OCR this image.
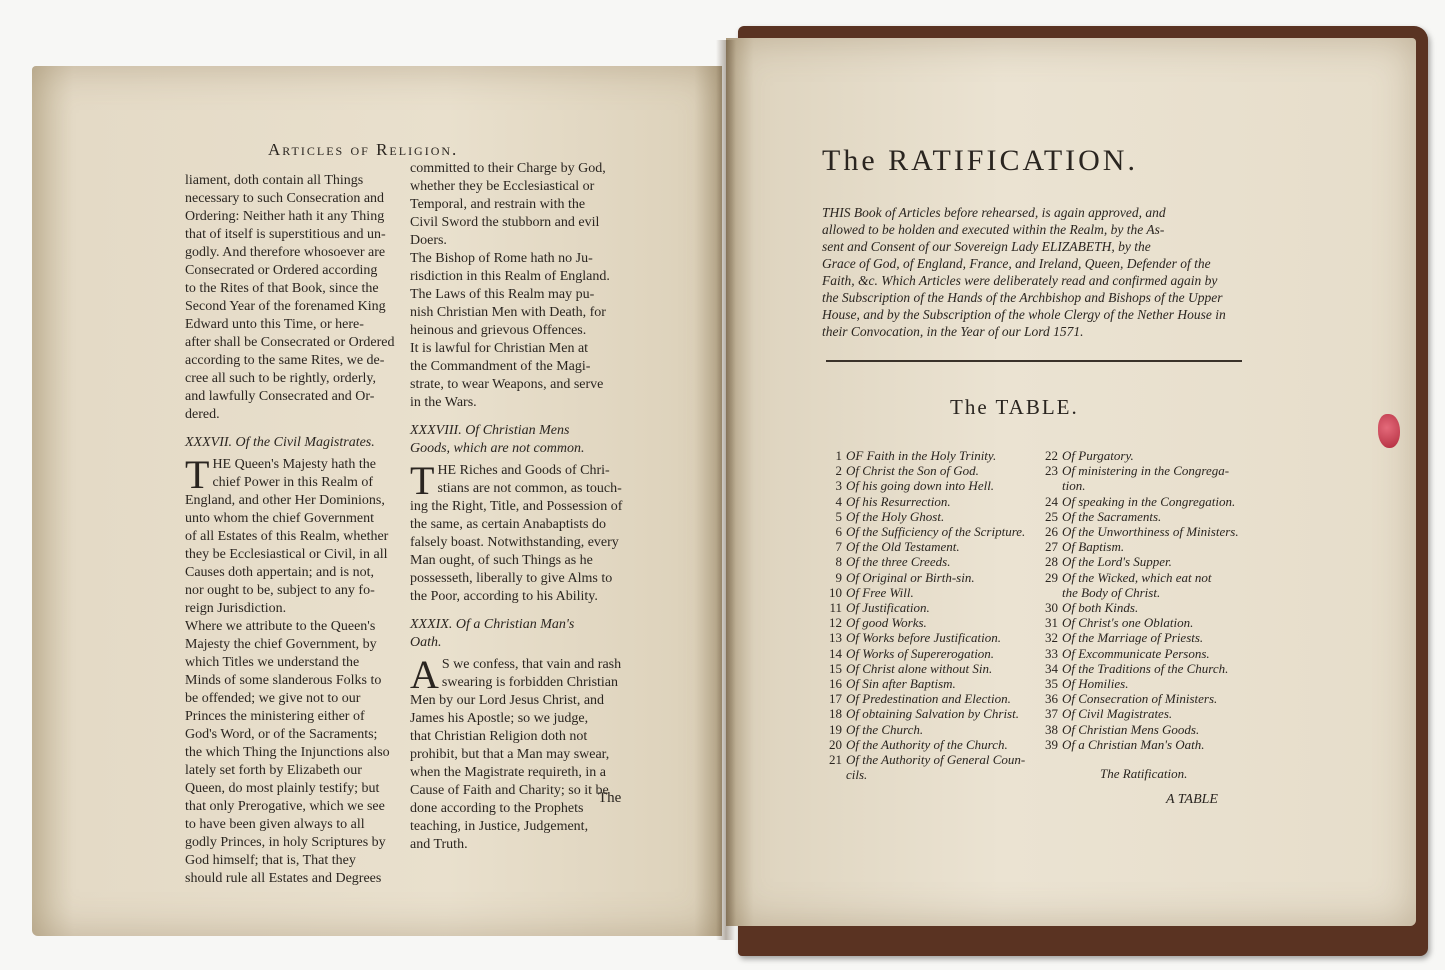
Articles of Religion.

liament, doth contain all Things
necessary to such Consecration and
Ordering: Neither hath it any Thing
that of itself is superstitious and un-
godly. And therefore whosoever are
Consecrated or Ordered according
to the Rites of that Book, since the
Second Year of the forenamed King
Edward unto this Time, or here-
after shall be Consecrated or Ordered
according to the same Rites, we de-
cree all such to be rightly, orderly,
and lawfully Consecrated and Or-
dered.

XXXVII. Of the Civil Magistrates.

THE Queen's Majesty hath the
chief Power in this Realm of
England, and other Her Dominions,
unto whom the chief Government
of all Estates of this Realm, whether
they be Ecclesiastical or Civil, in all
Causes doth appertain; and is not,
nor ought to be, subject to any fo-
reign Jurisdiction.
Where we attribute to the Queen's
Majesty the chief Government, by
which Titles we understand the
Minds of some slanderous Folks to
be offended; we give not to our
Princes the ministering either of
God's Word, or of the Sacraments;
the which Thing the Injunctions also
lately set forth by Elizabeth our
Queen, do most plainly testify; but
that only Prerogative, which we see
to have been given always to all
godly Princes, in holy Scriptures by
God himself; that is, That they
should rule all Estates and Degrees

committed to their Charge by God,
whether they be Ecclesiastical or
Temporal, and restrain with the
Civil Sword the stubborn and evil
Doers.
The Bishop of Rome hath no Ju-
risdiction in this Realm of England.
The Laws of this Realm may pu-
nish Christian Men with Death, for
heinous and grievous Offences.
It is lawful for Christian Men at
the Commandment of the Magi-
strate, to wear Weapons, and serve
in the Wars.

XXXVIII. Of Christian Mens
Goods, which are not common.

THE Riches and Goods of Chri-
stians are not common, as touch-
ing the Right, Title, and Possession of
the same, as certain Anabaptists do
falsely boast. Notwithstanding, every
Man ought, of such Things as he
possesseth, liberally to give Alms to
the Poor, according to his Ability.

XXXIX. Of a Christian Man's
Oath.

AS we confess, that vain and rash
swearing is forbidden Christian
Men by our Lord Jesus Christ, and
James his Apostle; so we judge,
that Christian Religion doth not
prohibit, but that a Man may swear,
when the Magistrate requireth, in a
Cause of Faith and Charity; so it be
done according to the Prophets
teaching, in Justice, Judgement,
and Truth.

The
The RATIFICATION.
THIS Book of Articles before rehearsed, is again approved, and
allowed to be holden and executed within the Realm, by the As-
sent and Consent of our Sovereign Lady ELIZABETH, by the
Grace of God, of England, France, and Ireland, Queen, Defender of the
Faith, &c. Which Articles were deliberately read and confirmed again by
the Subscription of the Hands of the Archbishop and Bishops of the Upper
House, and by the Subscription of the whole Clergy of the Nether House in
their Convocation, in the Year of our Lord 1571.
The TABLE.
1 OF Faith in the Holy Trinity.
2 Of Christ the Son of God.
3 Of his going down into Hell.
4 Of his Resurrection.
5 Of the Holy Ghost.
6 Of the Sufficiency of the Scripture.
7 Of the Old Testament.
8 Of the three Creeds.
9 Of Original or Birth-sin.
10 Of Free Will.
11 Of Justification.
12 Of good Works.
13 Of Works before Justification.
14 Of Works of Supererogation.
15 Of Christ alone without Sin.
16 Of Sin after Baptism.
17 Of Predestination and Election.
18 Of obtaining Salvation by Christ.
19 Of the Church.
20 Of the Authority of the Church.
21 Of the Authority of General Coun-
cils.
22 Of Purgatory.
23 Of ministering in the Congrega-
tion.
24 Of speaking in the Congregation.
25 Of the Sacraments.
26 Of the Unworthiness of Ministers.
27 Of Baptism.
28 Of the Lord's Supper.
29 Of the Wicked, which eat not
the Body of Christ.
30 Of both Kinds.
31 Of Christ's one Oblation.
32 Of the Marriage of Priests.
33 Of Excommunicate Persons.
34 Of the Traditions of the Church.
35 Of Homilies.
36 Of Consecration of Ministers.
37 Of Civil Magistrates.
38 Of Christian Mens Goods.
39 Of a Christian Man's Oath.
The Ratification.
A TABLE
